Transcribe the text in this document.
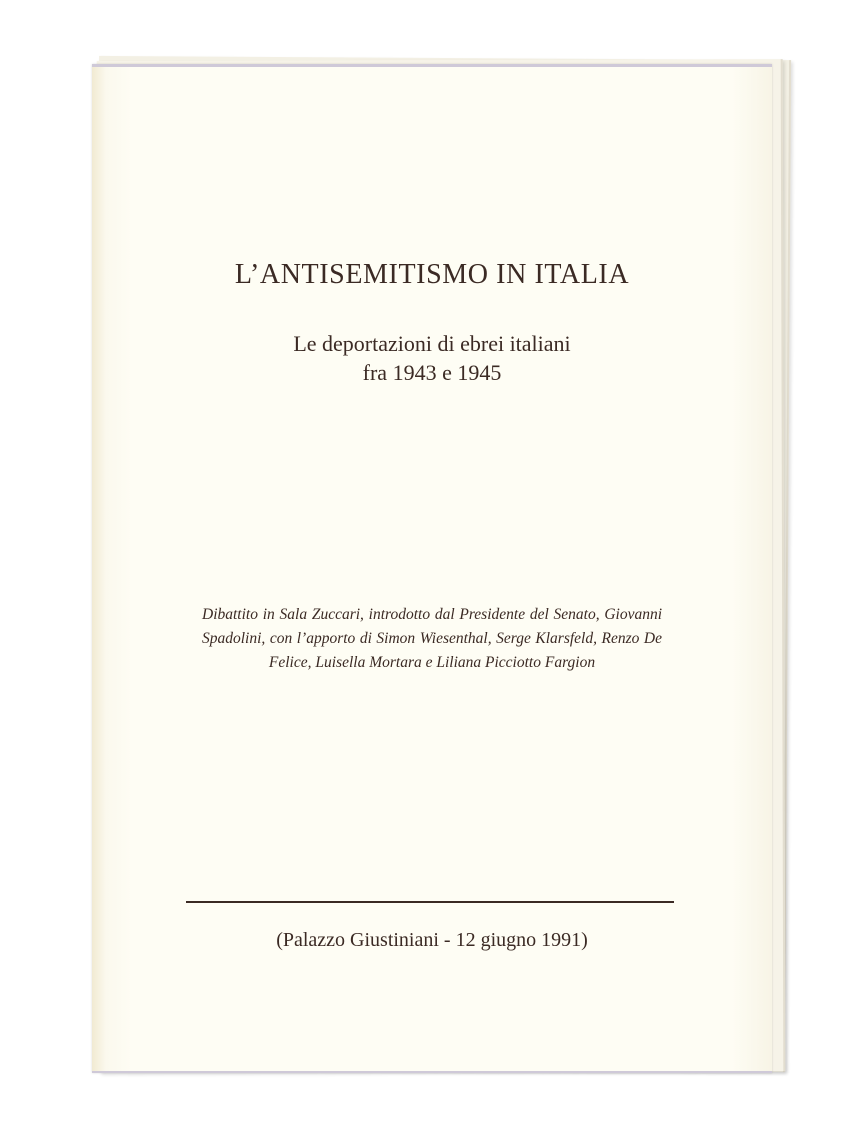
L’ANTISEMITISMO IN ITALIA
Le deportazioni di ebrei italiani
fra 1943 e 1945
Dibattito in Sala Zuccari, introdotto dal Presidente del Senato, Giovanni Spadolini, con l’apporto di Simon Wiesenthal, Serge Klarsfeld, Renzo De Felice, Luisella Mortara e Liliana Picciotto Fargion
(Palazzo Giustiniani - 12 giugno 1991)
